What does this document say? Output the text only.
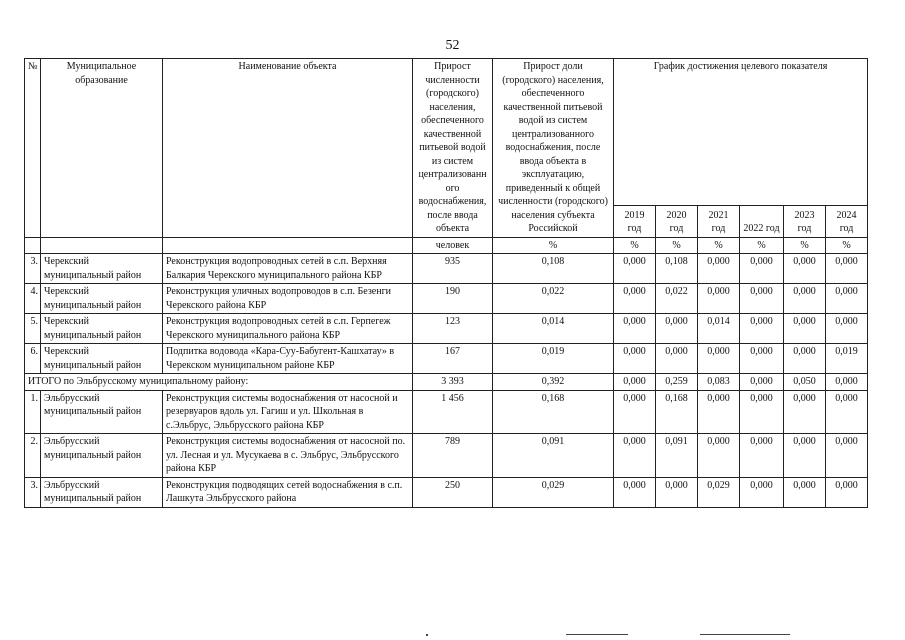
52
№	Муниципальное образование	Наименование объекта	Прирост численности (городского) населения, обеспеченного качественной питьевой водой из систем централизованн ого водоснабжения, после ввода объекта	Прирост доли (городского) населения, обеспеченного качественной питьевой водой из систем централизованного водоснабжения, после ввода объекта в эксплуатацию, приведенный к общей численности (городского) населения субъекта Российской	График достижения целевого показателя					
					2019 год	2020 год	2021 год	2022 год	2023 год	2024 год
			человек	%	%	%	%	%	%	%
3.	Черекский муниципальный район	Реконструкция водопроводных сетей в с.п. Верхняя Балкария Черекского муниципального района КБР	935	0,108	0,000	0,108	0,000	0,000	0,000	0,000
4.	Черекский муниципальный район	Реконструкция уличных водопроводов в с.п. Безенги Черекского района КБР	190	0,022	0,000	0,022	0,000	0,000	0,000	0,000
5.	Черекский муниципальный район	Реконструкция водопроводных сетей в с.п. Герпегеж Черекского муниципального района КБР	123	0,014	0,000	0,000	0,014	0,000	0,000	0,000
6.	Черекский муниципальный район	Подпитка водовода «Кара-Суу-Бабугент-Кашхатау» в Черекском муниципальном районе КБР	167	0,019	0,000	0,000	0,000	0,000	0,000	0,019
ИТОГО по Эльбрусскому муниципальному району:			3 393	0,392	0,000	0,259	0,083	0,000	0,050	0,000
1.	Эльбрусский муниципальный район	Реконструкция системы водоснабжения от насосной и резервуаров вдоль ул. Гагиш и ул. Школьная в с.Эльбрус, Эльбрусского района КБР	1 456	0,168	0,000	0,168	0,000	0,000	0,000	0,000
2.	Эльбрусский муниципальный район	Реконструкция системы водоснабжения от насосной по. ул. Лесная и ул. Мусукаева в с. Эльбрус, Эльбрусского района КБР	789	0,091	0,000	0,091	0,000	0,000	0,000	0,000
3.	Эльбрусский муниципальный район	Реконструкция подводящих сетей водоснабжения в с.п. Лашкута Эльбрусского района	250	0,029	0,000	0,000	0,029	0,000	0,000	0,000
